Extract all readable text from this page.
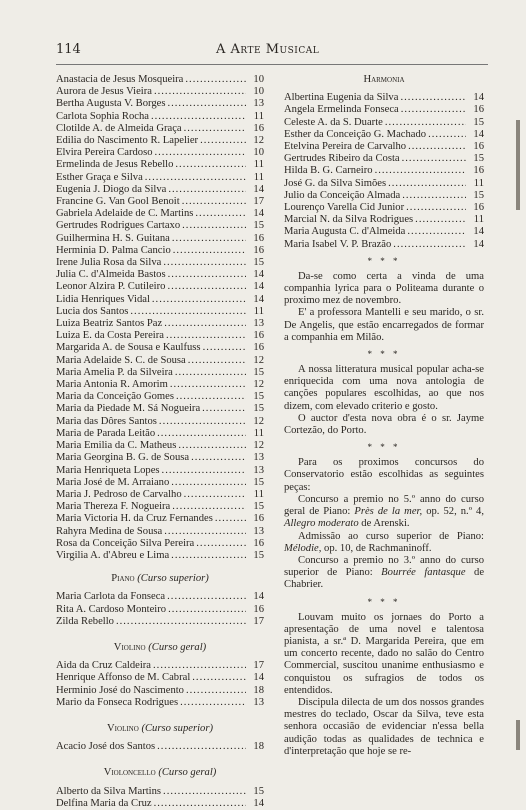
114	A Arte Musical
Anastacia de Jesus Mosqueira .....	10
Aurora de Jesus Vieira .....	10
Bertha Augusta V. Borges .....	13
Carlota Sophia Rocha .....	11
Clotilde A. de Almeida Graça .....	16
Edilia do Nascimento R. Lapelier .....	12
Elvira Pereira Cardoso .....	10
Ermelinda de Jesus Rebello .....	11
Esther Graça e Silva .....	11
Eugenia J. Diogo da Silva .....	14
Francine G. Van Gool Benoit .....	17
Gabriela Adelaide de C. Martins .....	14
Gertrudes Rodrigues Cartaxo .....	15
Guilhermina H. S. Guitana .....	16
Herminia D. Palma Cancio .....	16
Irene Julia Rosa da Silva .....	15
Julia C. d'Almeida Bastos .....	14
Leonor Alzira P. Cutileiro .....	14
Lidia Henriques Vidal .....	14
Lucia dos Santos .....	11
Luiza Beatriz Santos Paz .....	13
Luiza E. da Costa Pereira .....	16
Margarida A. de Sousa e Kaulfuss .....	16
Maria Adelaide S. C. de Sousa .....	12
Maria Amelia P. da Silveira .....	15
Maria Antonia R. Amorim .....	12
Maria da Conceição Gomes .....	15
Maria da Piedade M. Sá Nogueira .....	15
Maria das Dôres Santos .....	12
Maria de Parada Leitão .....	11
Maria Emilia da C. Matheus .....	12
Maria Georgina B. G. de Sousa .....	13
Maria Henriqueta Lopes .....	13
Maria José de M. Arraiano .....	15
Maria J. Pedroso de Carvalho .....	11
Maria Thereza F. Nogueira .....	15
Maria Victoria H. da Cruz Fernandes .....	16
Rahyra Medina de Sousa .....	13
Rosa da Conceição Silva Pereira .....	16
Virgilia A. d'Abreu e Lima .....	15
Piano (Curso superior)
Maria Carlota da Fonseca .....	14
Rita A. Cardoso Monteiro .....	16
Zilda Rebello .....	17
Violino (Curso geral)
Aida da Cruz Caldeira .....	17
Henrique Affonso de M. Cabral .....	14
Herminio José do Nascimento .....	18
Mario da Fonseca Rodrigues .....	13
Violino (Curso superior)
Acacio José dos Santos .....	18
Violoncello (Curso geral)
Alberto da Silva Martins .....	15
Delfina Maria da Cruz .....	14
Harmonia
Albertina Eugenia da Silva .....	14
Angela Ermelinda Fonseca .....	16
Celeste A. da S. Duarte .....	15
Esther da Conceição G. Machado .....	14
Etelvina Pereira de Carvalho .....	16
Gertrudes Ribeiro da Costa .....	15
Hilda B. G. Carneiro .....	16
José G. da Silva Simões .....	11
Julio da Conceição Almada .....	15
Lourenço Varella Cid Junior .....	16
Marcial N. da Silva Rodrigues .....	11
Maria Augusta C. d'Almeida .....	14
Maria Isabel V. P. Brazão .....	14
* * *

Da-se como certa a vinda de uma companhia lyrica para o Politeama durante o proximo mez de novembro.

E' a professora Mantelli e seu marido, o sr. De Angelis, que estão encarregados de formar a companhia em Milão.

* * *

A nossa litteratura musical popular acha-se enriquecida com uma nova antologia de canções populares escolhidas, ao que nos dizem, com elevado criterio e gosto.

O auctor d'esta nova obra é o sr. Jayme Cortezão, do Porto.

* * *

Para os proximos concursos do Conservatorio estão escolhidas as seguintes peças:

Concurso a premio no 5.º anno do curso geral de Piano: Près de la mer, op. 52, n.º 4, Allegro moderato de Arenski.

Admissão ao curso superior de Piano: Mélodie, op. 10, de Rachmaninoff.

Concurso a premio no 3.º anno do curso superior de Piano: Bourrée fantasque de Chabrier.

* * *

Louvam muito os jornaes do Porto a apresentação de uma novel e talentosa pianista, a sr.ª D. Margarida Pereira, que em um concerto recente, dado no salão do Centro Commercial, suscitou unanime enthusiasmo e conquistou os sufragios de todos os entendidos.

Discipula dilecta de um dos nossos grandes mestres do teclado, Oscar da Silva, teve esta senhora occasião de evidenciar n'essa bella audição todas as qualidades de technica e d'interpretação que hoje se re-
